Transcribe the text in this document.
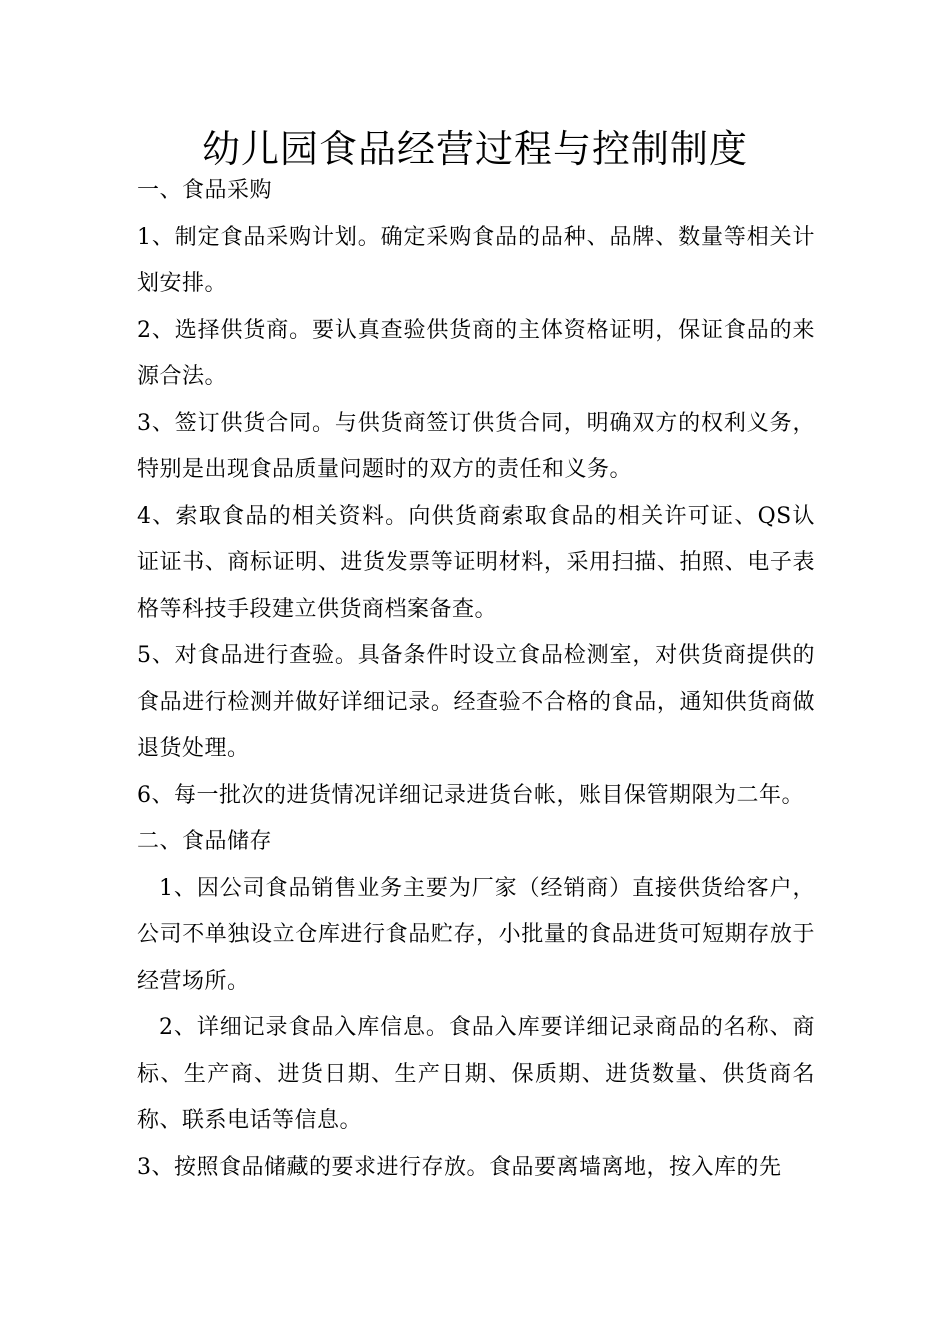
幼儿园食品经营过程与控制制度

一、食品采购

1、制定食品采购计划。确定采购食品的品种、品牌、数量等相关计划安排。

2、选择供货商。要认真查验供货商的主体资格证明，保证食品的来源合法。

3、签订供货合同。与供货商签订供货合同，明确双方的权利义务，特别是出现食品质量问题时的双方的责任和义务。

4、索取食品的相关资料。向供货商索取食品的相关许可证、QS认证证书、商标证明、进货发票等证明材料，采用扫描、拍照、电子表格等科技手段建立供货商档案备查。

5、对食品进行查验。具备条件时设立食品检测室，对供货商提供的食品进行检测并做好详细记录。经查验不合格的食品，通知供货商做退货处理。

6、每一批次的进货情况详细记录进货台帐，账目保管期限为二年。

二、食品储存

1、因公司食品销售业务主要为厂家（经销商）直接供货给客户，公司不单独设立仓库进行食品贮存，小批量的食品进货可短期存放于经营场所。

2、详细记录食品入库信息。食品入库要详细记录商品的名称、商标、生产商、进货日期、生产日期、保质期、进货数量、供货商名称、联系电话等信息。

3、按照食品储藏的要求进行存放。食品要离墙离地，按入库的先
